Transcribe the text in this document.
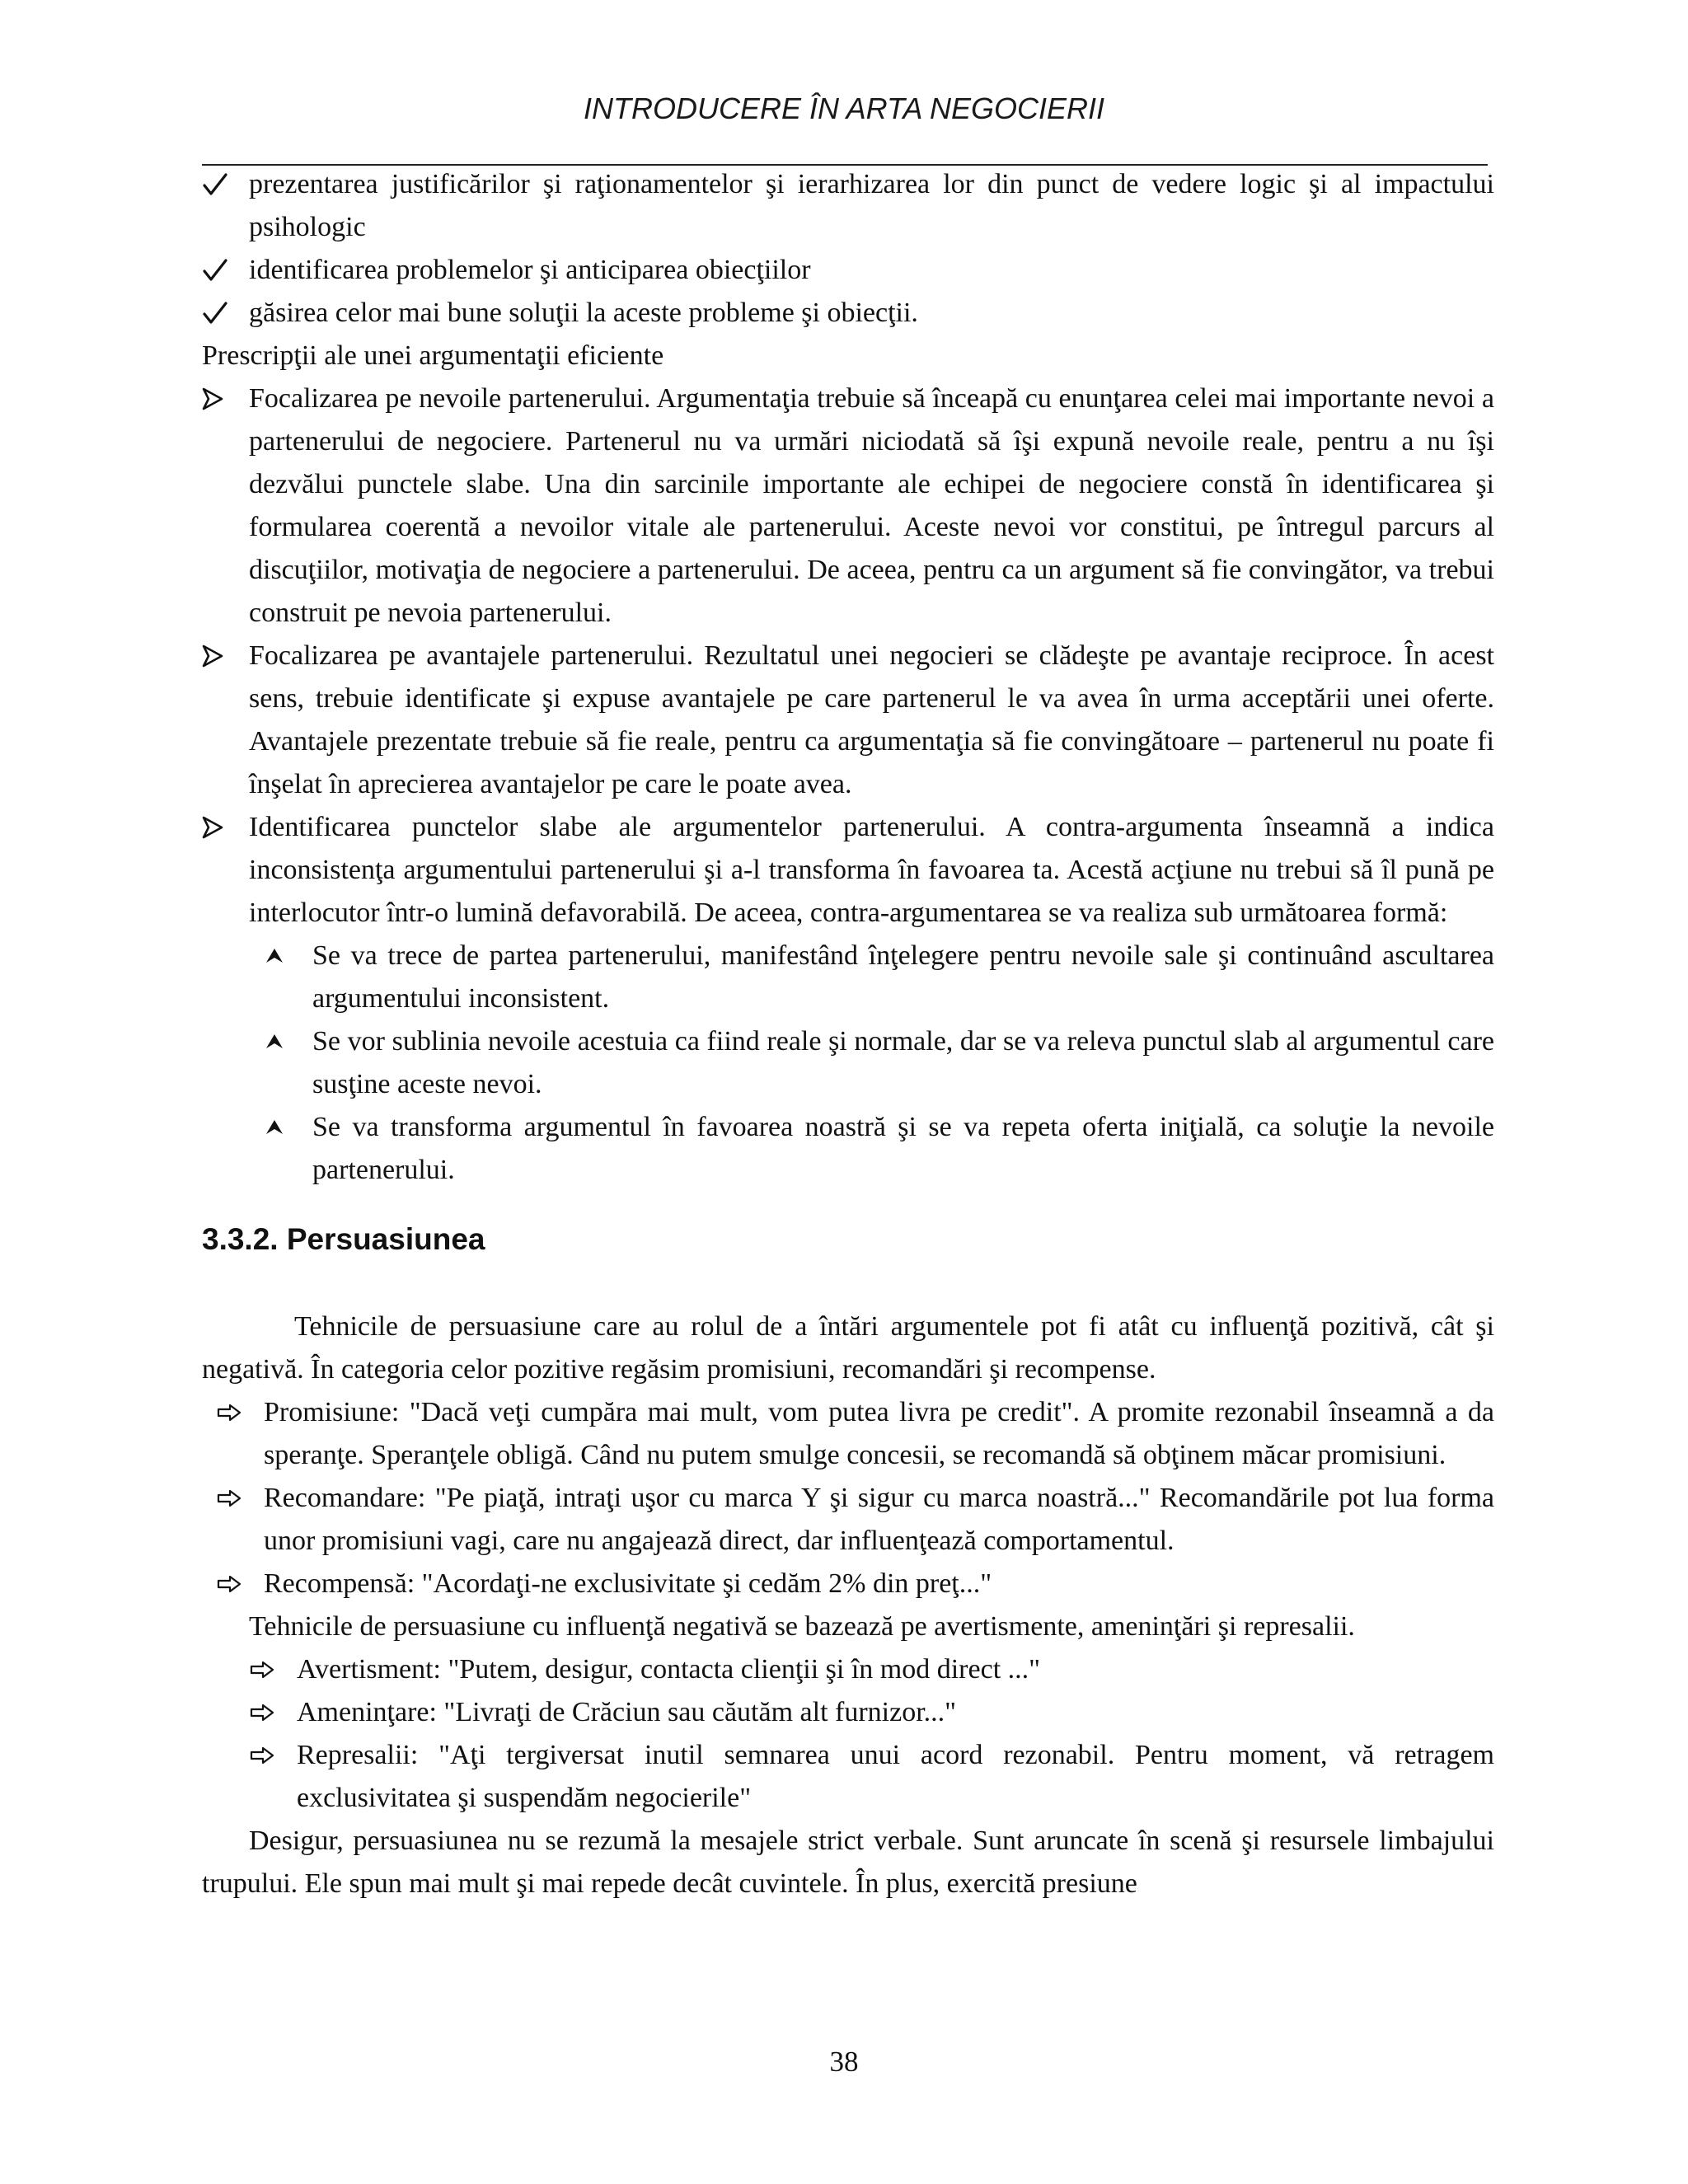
INTRODUCERE ÎN ARTA NEGOCIERII
prezentarea justificărilor şi raţionamentelor şi ierarhizarea lor din punct de vedere logic şi al impactului psihologic
identificarea problemelor şi anticiparea obiecţiilor
găsirea celor mai bune soluţii la aceste probleme şi obiecţii.
Prescripţii ale unei argumentaţii eficiente
Focalizarea pe nevoile partenerului. Argumentaţia trebuie să înceapă cu enunţarea celei mai importante nevoi a partenerului de negociere. Partenerul nu va urmări niciodată să îşi expună nevoile reale, pentru a nu îşi dezvălui punctele slabe. Una din sarcinile importante ale echipei de negociere constă în identificarea şi formularea coerentă a nevoilor vitale ale partenerului. Aceste nevoi vor constitui, pe întregul parcurs al discuţiilor, motivaţia de negociere a partenerului. De aceea, pentru ca un argument să fie convingător, va trebui construit pe nevoia partenerului.
Focalizarea pe avantajele partenerului. Rezultatul unei negocieri se clădeşte pe avantaje reciproce. În acest sens, trebuie identificate şi expuse avantajele pe care partenerul le va avea în urma acceptării unei oferte. Avantajele prezentate trebuie să fie reale, pentru ca argumentaţia să fie convingătoare – partenerul nu poate fi înşelat în aprecierea avantajelor pe care le poate avea.
Identificarea punctelor slabe ale argumentelor partenerului. A contra-argumenta înseamnă a indica inconsistenţa argumentului partenerului şi a-l transforma în favoarea ta. Acestă acţiune nu trebui să îl pună pe interlocutor într-o lumină defavorabilă. De aceea, contra-argumentarea se va realiza sub următoarea formă:
Se va trece de partea partenerului, manifestând înţelegere pentru nevoile sale şi continuând ascultarea argumentului inconsistent.
Se vor sublinia nevoile acestuia ca fiind reale şi normale, dar se va releva punctul slab al argumentul care susţine aceste nevoi.
Se va transforma argumentul în favoarea noastră şi se va repeta oferta iniţială, ca soluţie la nevoile partenerului.
3.3.2. Persuasiunea
Tehnicile de persuasiune care au rolul de a întări argumentele pot fi atât cu influenţă pozitivă, cât şi negativă. În categoria celor pozitive regăsim promisiuni, recomandări şi recompense.
Promisiune: "Dacă veţi cumpăra mai mult, vom putea livra pe credit". A promite rezonabil înseamnă a da speranţe. Speranţele obligă. Când nu putem smulge concesii, se recomandă să obţinem măcar promisiuni.
Recomandare: "Pe piaţă, intraţi uşor cu marca Y şi sigur cu marca noastră..." Recomandările pot lua forma unor promisiuni vagi, care nu angajează direct, dar influenţează comportamentul.
Recompensă: "Acordaţi-ne exclusivitate şi cedăm 2% din preţ..."
Tehnicile de persuasiune cu influenţă negativă se bazează pe avertismente, ameninţări şi represalii.
Avertisment: "Putem, desigur, contacta clienţii şi în mod direct ..."
Ameninţare: "Livraţi de Crăciun sau căutăm alt furnizor..."
Represalii: "Aţi tergiversat inutil semnarea unui acord rezonabil. Pentru moment, vă retragem exclusivitatea şi suspendăm negocierile"
Desigur, persuasiunea nu se rezumă la mesajele strict verbale. Sunt aruncate în scenă şi resursele limbajului trupului. Ele spun mai mult şi mai repede decât cuvintele. În plus, exercită presiune
38
